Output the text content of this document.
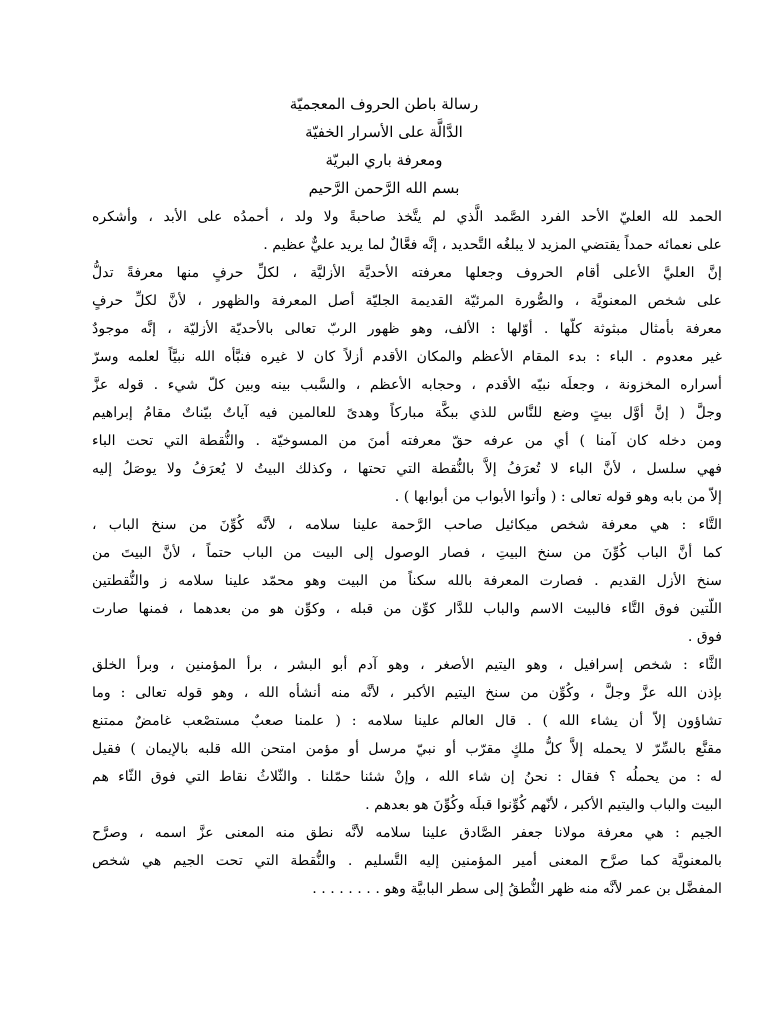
رسالة باطن الحروف المعجميّة
الدَّالَّة على الأسرار الخفيّة
ومعرفة باري البريّة
بسم الله الرَّحمن الرَّحيم
الحمد لله العليّ الأحد الفرد الصَّمد الَّذي لم يتَّخذ صاحبةً ولا ولد ، أحمدُه على الأبد ، وأشكره
على نعمائه حمداً يقتضي المزيد لا يبلغُه التَّحديد ، إنَّه فعَّالٌ لما يريد عليٌّ عظيم .
إنَّ العليَّ الأعلى أقام الحروف وجعلها معرفته الأحديَّة الأزليَّة ، لكلِّ حرفٍ منها معرفةً تدلُّ
على شخص المعنويَّة ، والصُّورة المرئيّة القديمة الجليّة أصل المعرفة والظهور ، لأنَّ لكلِّ حرفٍ
معرفة بأمثال مبثوثة كلّها . أوّلها : الألف، وهو ظهور الربّ تعالى بالأحديّة الأزليّة ، إنَّه موجودٌ
غير معدوم . الباء : بدء المقام الأعظم والمكان الأقدم أزلاً كان لا غيره فنبَّأه الله نبيَّاً لعلمه وسرّ
أسراره المخزونة ، وجعلَه نبيّه الأقدم ، وحجابه الأعظم ، والسَّبب بينه وبين كلّ شيء . قوله عزَّ
وجلَّ ( إنَّ أوَّل بيتٍ وضع للنَّاس للذي ببكَّة مباركاً وهدىً للعالمين فيه آياتٌ بيّناتٌ مقامُ إبراهيم
ومن دخله كان آمنا ) أي من عرفه حقّ معرفته أمنَ من المسوخيّة . والنُّقطة التي تحت الباء
فهي سلسل ، لأنَّ الباء لا تُعرَفُ إلاَّ بالنُّقطة التي تحتها ، وكذلك البيتُ لا يُعرَفُ ولا يوصَلُ إليه
إلاّ من بابه وهو قوله تعالى : ( وأتوا الأبواب من أبوابها ) .
التَّاء : هي معرفة شخص ميكائيل صاحب الرَّحمة علينا سلامه ، لأنَّه كُوِّنَ من سنخ الباب ،
كما أنَّ الباب كُوِّنَ من سنخ البيتِ ، فصار الوصول إلى البيت من الباب حتماً ، لأنَّ البيتَ من
سنخ الأزل القديم . فصارت المعرفة بالله سكناً من البيت وهو محمّد علينا سلامه ز والنُّقطتين
اللّتين فوق التَّاء فالبيت الاسم والباب للدَّار كوِّن من قبله ، وكوِّن هو من بعدهما ، فمنها صارت
فوق .
الثَّاء : شخص إسرافيل ، وهو اليتيم الأصغر ، وهو آدم أبو البشر ، برأ المؤمنين ، وبرأ الخلق
بإذن الله عزَّ وجلَّ ، وكُوِّن من سنخ اليتيم الأكبر ، لأنَّه منه أنشأه الله ، وهو قوله تعالى : وما
تشاؤون إلاّ أن يشاء الله ) . قال العالم علينا سلامه : ( علمنا صعبٌ مستصْعب غامضٌ ممتنع
مقنَّع بالسِّرّ لا يحمله إلاَّ كلُّ ملكٍ مقرّب أو نبيّ مرسل أو مؤمن امتحن الله قلبه بالإيمان ) فقيل
له : من يحملُه ؟ فقال : نحنُ إن شاء الله ، وإنْ شئنا حمّلنا . والثّلاثُ نقاط التي فوق الثّاء هم
البيت والباب واليتيم الأكبر ، لأنّهم كُوِّنوا قبلَه وكُوِّنَ هو بعدهم .
الجيم : هي معرفة مولانا جعفر الصَّادق علينا سلامه لأنَّه نطق منه المعنى عزَّ اسمه ، وصرَّح
بالمعنويَّة كما صرَّح المعنى أمير المؤمنين إليه التَّسليم . والنُّقطة التي تحت الجيم هي شخص
المفضَّل بن عمر لأنَّه منه ظهر النُّطقُ إلى سطر البابيَّة وهو . . . . . . . .
